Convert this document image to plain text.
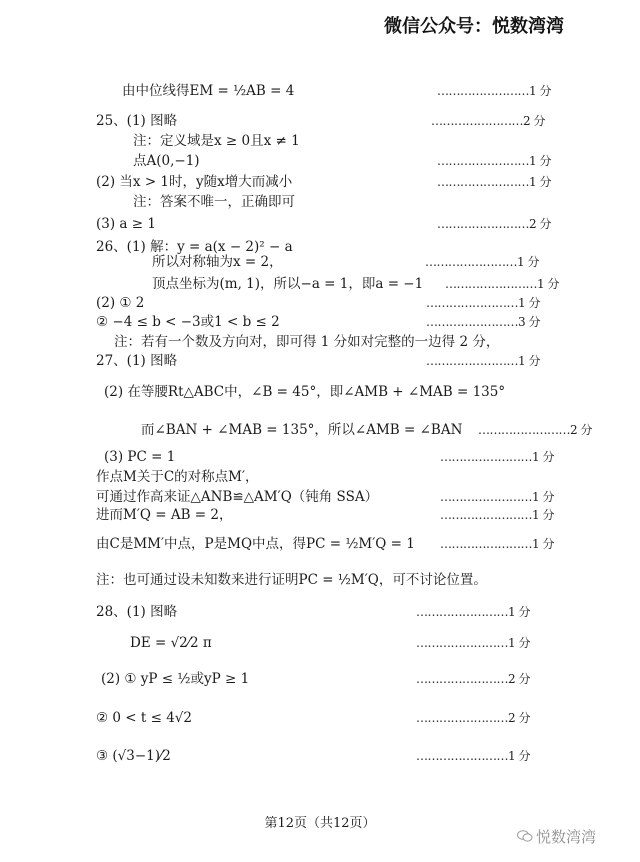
微信公众号：悦数湾湾
由中位线得EM = ½AB = 4	……………………1 分
25、(1) 图略	……………………2 分
注：定义域是x ≥ 0且x ≠ 1
点A(0,−1)	……………………1 分
(2) 当x > 1时，y随x增大而减小	……………………1 分
注：答案不唯一，正确即可
(3) a ≥ 1	……………………2 分
26、(1) 解：y = a(x − 2)² − a
所以对称轴为x = 2，	……………………1 分
顶点坐标为(m, 1)，所以−a = 1，即a = −1 ……………………1 分
(2) ① 2	……………………1 分
② −4 ≤ b < −3或1 < b ≤ 2	……………………3 分
注：若有一个数及方向对，即可得 1 分如对完整的一边得 2 分，
27、(1) 图略	……………………1 分
(2) 在等腰Rt△ABC中，∠B = 45°，即∠AMB + ∠MAB = 135°
而∠BAN + ∠MAB = 135°，所以∠AMB = ∠BAN ……………………2 分
(3) PC = 1	……………………1 分
作点M关于C的对称点M′，
可通过作高来证△ANB≌△AM′Q（钝角 SSA）	……………………1 分
进而M′Q = AB = 2，	……………………1 分
由C是MM′中点，P是MQ中点，得PC = ½M′Q = 1 ……………………1 分
注：也可通过设未知数来进行证明PC = ½M′Q，可不讨论位置。
28、(1) 图略	……………………1 分
DE = √2⁄2 π	……………………1 分
(2) ① yP ≤ ½或yP ≥ 1	……………………2 分
② 0 < t ≤ 4√2	……………………2 分
③ (√3−1)⁄2	……………………1 分
第12页（共12页）
悦数湾湾
